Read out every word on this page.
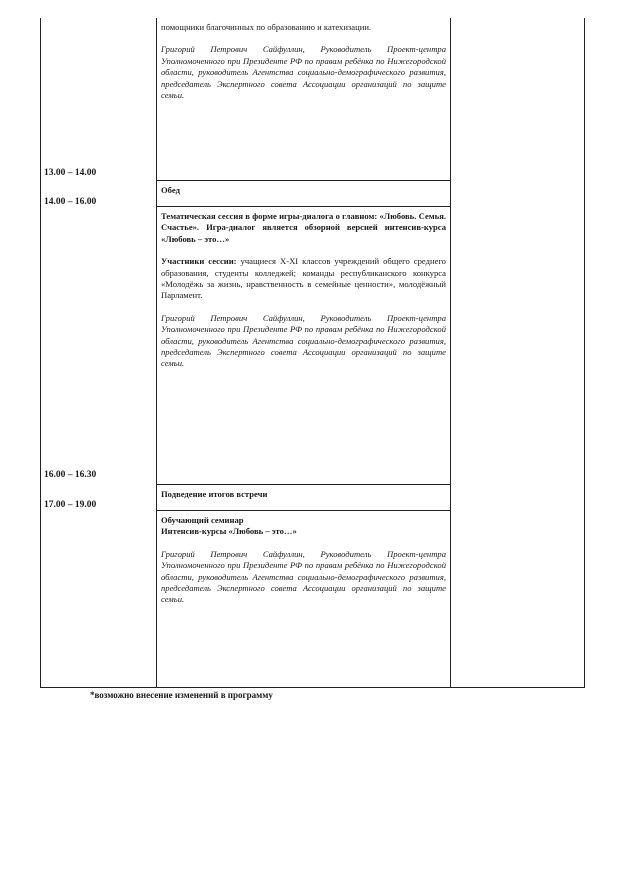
13.00 – 14.00
14.00 – 16.00
16.00 – 16.30
17.00 – 19.00
помощники благочинных по образованию и катехизации.
Григорий Петрович Сайфуллин, Руководитель Проект-центра Уполномоченного при Президенте РФ по правам ребёнка по Нижегородской области, руководитель Агентства социально-демографического развития, председатель Экспертного совета Ассоциации организаций по защите семьи.
Обед
Тематическая сессия в форме игры-диалога о главном: «Любовь. Семья. Счастье». Игра-диалог является обзорной версией интенсив-курса «Любовь – это…»
Участники сессии: учащиеся X-XI классов учреждений общего среднего образования, студенты колледжей; команды республиканского конкурса «Молодёжь за жизнь, нравственность в семейные ценности», молодёжный Парламент.
Григорий Петрович Сайфуллин, Руководитель Проект-центра Уполномоченного при Президенте РФ по правам ребёнка по Нижегородской области, руководитель Агентства социально-демографического развития, председатель Экспертного совета Ассоциации организаций по защите семьи.
Подведение итогов встречи
Обучающий семинар
Интенсив-курсы «Любовь – это…»
Григорий Петрович Сайфуллин, Руководитель Проект-центра Уполномоченного при Президенте РФ по правам ребёнка по Нижегородской области, руководитель Агентства социально-демографического развития, председатель Экспертного совета Ассоциации организаций по защите семьи.
*возможно внесение изменений в программу
